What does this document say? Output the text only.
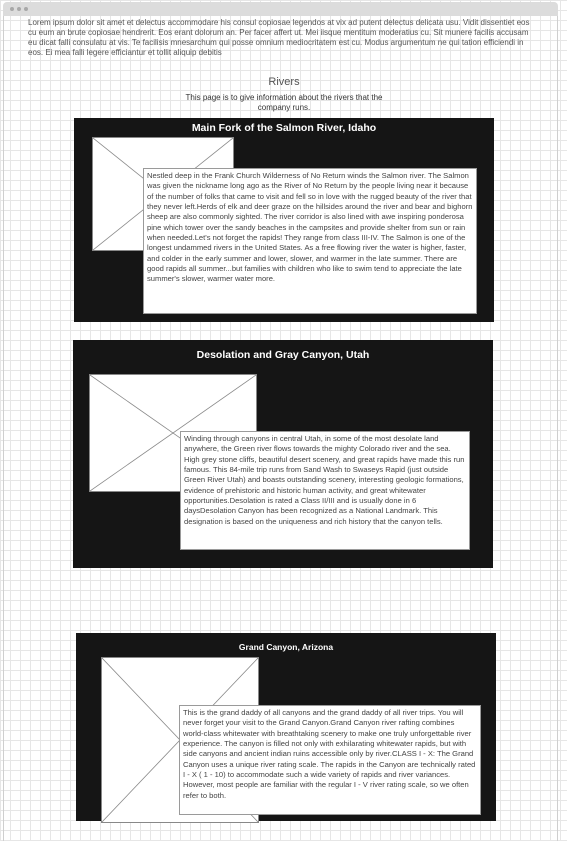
Lorem ipsum dolor sit amet et delectus accommodare his consul copiosae legendos at vix ad putent delectus delicata usu. Vidit dissentiet eos cu eum an brute copiosae hendrerit. Eos erant dolorum an. Per facer affert ut. Mei iisque mentitum moderatius cu. Sit munere facilis accusam eu dicat falli consulatu at vis. Te facilisis mnesarchum qui posse omnium mediocritatem est cu. Modus argumentum ne qui tation efficiendi in eos. Ei mea falli legere efficiantur et tollit aliquip debitis
Rivers
This page is to give information about the rivers that the company runs.
Main Fork of the Salmon River, Idaho
Nestled deep in the Frank Church Wilderness of No Return winds the Salmon river. The Salmon was given the nickname long ago as the River of No Return by the people living near it because of the number of folks that came to visit and fell so in love with the rugged beauty of the river that they never left.Herds of elk and deer graze on the hillsides around the river and bear and bighorn sheep are also commonly sighted. The river corridor is also lined with awe inspiring ponderosa pine which tower over the sandy beaches in the campsites and provide shelter from sun or rain when needed.Let's not forget the rapids! They range from class III-IV. The Salmon is one of the longest undammed rivers in the United States. As a free flowing river the water is higher, faster, and colder in the early summer and lower, slower, and warmer in the late summer. There are good rapids all summer...but families with children who like to swim tend to appreciate the late summer's slower, warmer water more.
Desolation and Gray Canyon, Utah
Winding through canyons in central Utah, in some of the most desolate land anywhere, the Green river flows towards the mighty Colorado river and the sea. High grey stone cliffs, beautiful desert scenery, and great rapids have made this run famous. This 84-mile trip runs from Sand Wash to Swaseys Rapid (just outside Green River Utah) and boasts outstanding scenery, interesting geologic formations, evidence of prehistoric and historic human activity, and great whitewater opportunities.Desolation is rated a Class II/III and is usually done in 6 daysDesolation Canyon has been recognized as a National Landmark. This designation is based on the uniqueness and rich history that the canyon tells.
Grand Canyon, Arizona
This is the grand daddy of all canyons and the grand daddy of all river trips. You will never forget your visit to the Grand Canyon.Grand Canyon river rafting combines world-class whitewater with breathtaking scenery to make one truly unforgettable river experience. The canyon is filled not only with exhilarating whitewater rapids, but with side canyons and ancient indian ruins accessible only by river.CLASS I - X: The Grand Canyon uses a unique river rating scale. The rapids in the Canyon are technically rated I - X ( 1 - 10) to accommodate such a wide variety of rapids and river variances. However, most people are familiar with the regular I - V river rating scale, so we often refer to both.
